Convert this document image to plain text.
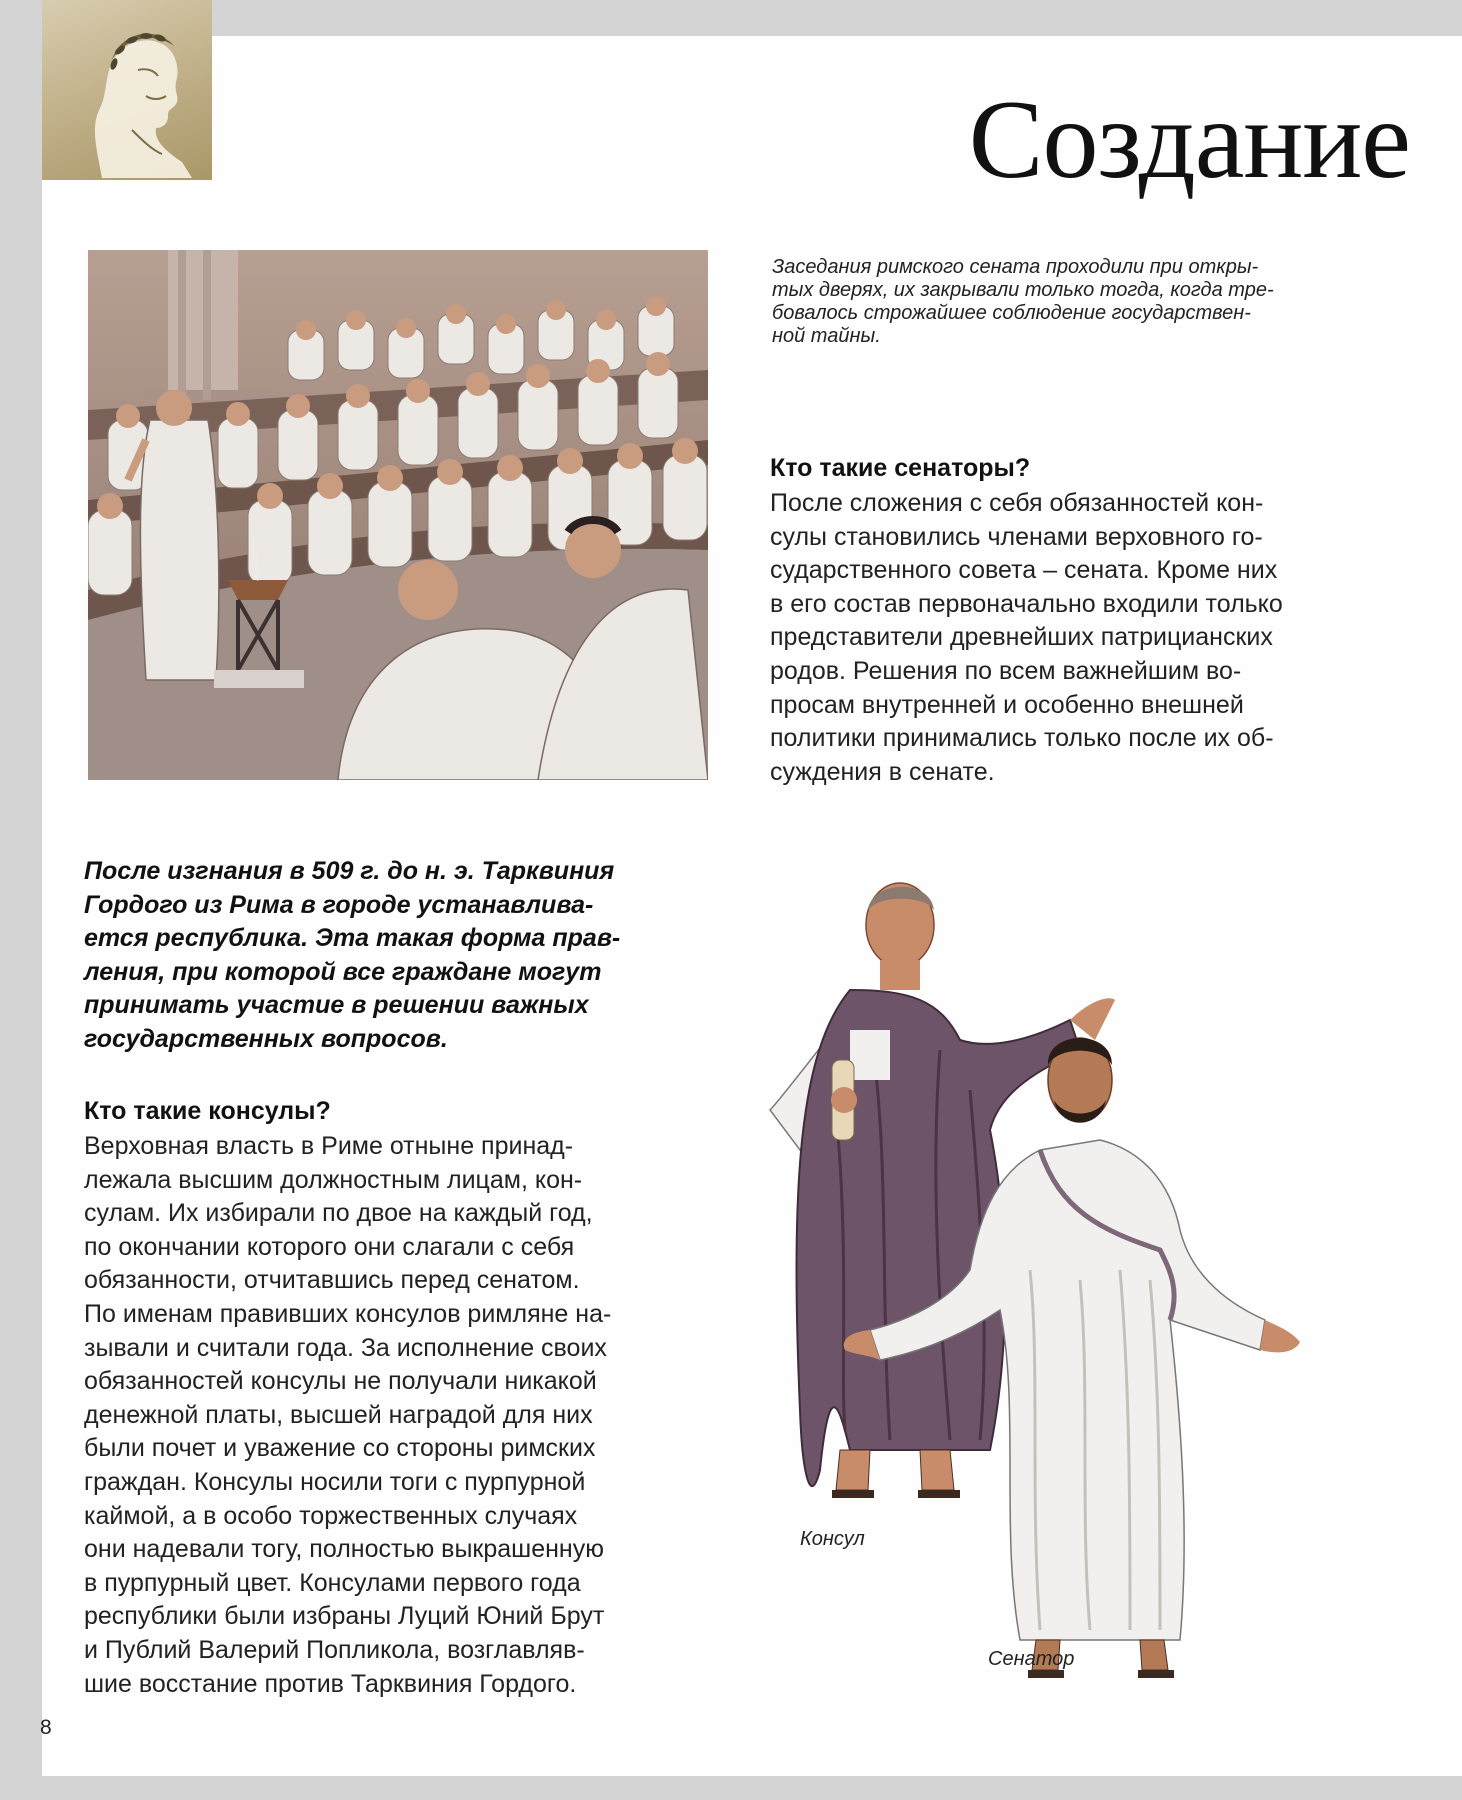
Создание
Заседания римского сената проходили при откры-
тых дверях, их закрывали только тогда, когда тре-
бовалось строжайшее соблюдение государствен-
ной тайны.
Кто такие сенаторы?
После сложения с себя обязанностей кон-
сулы становились членами верховного го-
сударственного совета – сената. Кроме них
в его состав первоначально входили только
представители древнейших патрицианских
родов. Решения по всем важнейшим во-
просам внутренней и особенно внешней
политики принимались только после их об-
суждения в сенате.
После изгнания в 509 г. до н. э. Тарквиния
Гордого из Рима в городе устанавлива-
ется республика. Эта такая форма прав-
ления, при которой все граждане могут
принимать участие в решении важных
государственных вопросов.
Кто такие консулы?
Верховная власть в Риме отныне принад-
лежала высшим должностным лицам, кон-
сулам. Их избирали по двое на каждый год,
по окончании которого они слагали с себя
обязанности, отчитавшись перед сенатом.
По именам правивших консулов римляне на-
зывали и считали года. За исполнение своих
обязанностей консулы не получали никакой
денежной платы, высшей наградой для них
были почет и уважение со стороны римских
граждан. Консулы носили тоги с пурпурной
каймой, а в особо торжественных случаях
они надевали тогу, полностью выкрашенную
в пурпурный цвет. Консулами первого года
республики были избраны Луций Юний Брут
и Публий Валерий Попликола, возглавляв-
шие восстание против Тарквиния Гордого.
Консул
Сенатор
8
